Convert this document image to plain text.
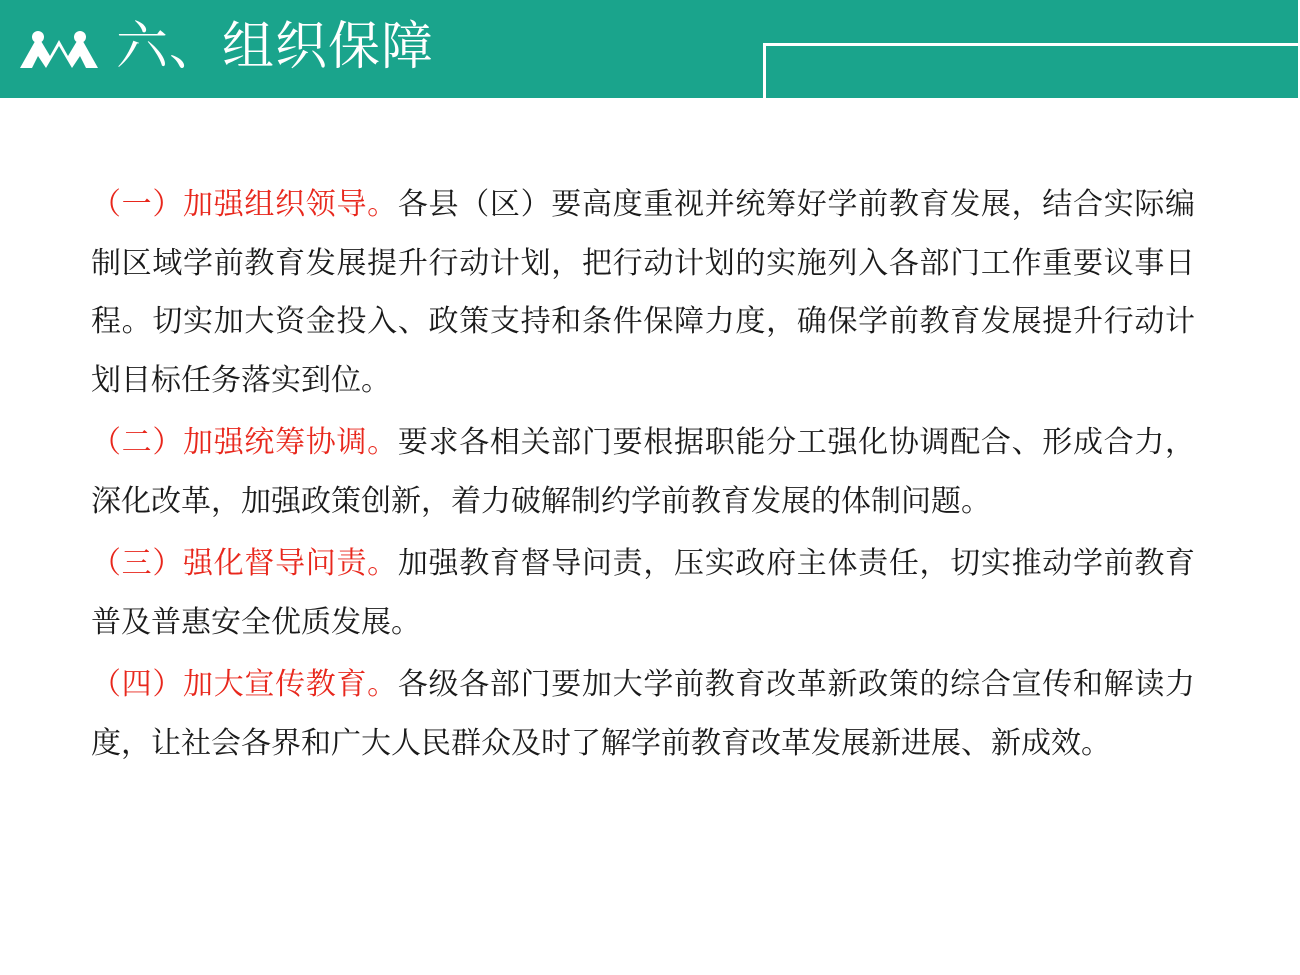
六、组织保障

（一）加强组织领导。各县（区）要高度重视并统筹好学前教育发展，结合实际编制区域学前教育发展提升行动计划，把行动计划的实施列入各部门工作重要议事日程。切实加大资金投入、政策支持和条件保障力度，确保学前教育发展提升行动计划目标任务落实到位。

（二）加强统筹协调。要求各相关部门要根据职能分工强化协调配合、形成合力，深化改革，加强政策创新，着力破解制约学前教育发展的体制问题。

（三）强化督导问责。加强教育督导问责，压实政府主体责任，切实推动学前教育普及普惠安全优质发展。

（四）加大宣传教育。各级各部门要加大学前教育改革新政策的综合宣传和解读力度，让社会各界和广大人民群众及时了解学前教育改革发展新进展、新成效。
